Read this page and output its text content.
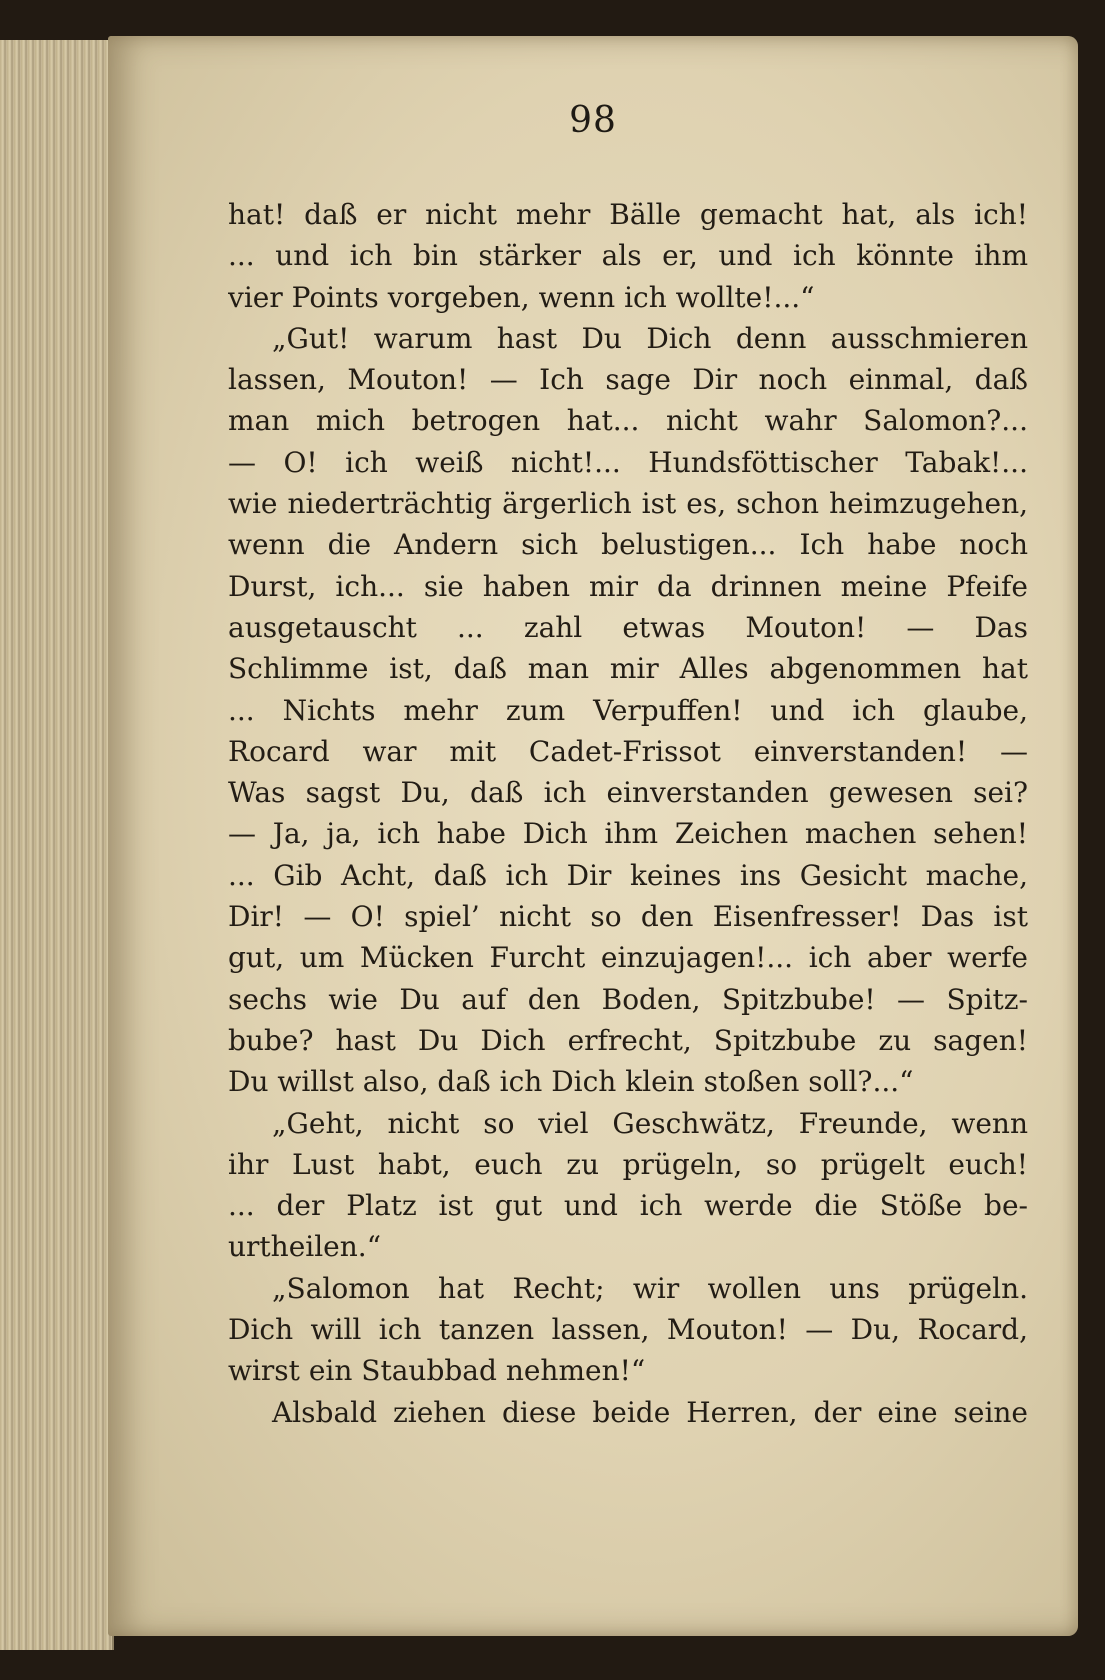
98
hat! daß er nicht mehr Bälle gemacht hat, als ich!
... und ich bin stärker als er, und ich könnte ihm
vier Points vorgeben, wenn ich wollte!...“
„Gut! warum hast Du Dich denn ausschmieren
lassen, Mouton! — Ich sage Dir noch einmal, daß
man mich betrogen hat... nicht wahr Salomon?...
— O! ich weiß nicht!... Hundsföttischer Tabak!...
wie niederträchtig ärgerlich ist es, schon heimzugehen,
wenn die Andern sich belustigen... Ich habe noch
Durst, ich... sie haben mir da drinnen meine Pfeife
ausgetauscht ... zahl etwas Mouton! — Das
Schlimme ist, daß man mir Alles abgenommen hat
... Nichts mehr zum Verpuffen! und ich glaube,
Rocard war mit Cadet-Frissot einverstanden! —
Was sagst Du, daß ich einverstanden gewesen sei?
— Ja, ja, ich habe Dich ihm Zeichen machen sehen!
... Gib Acht, daß ich Dir keines ins Gesicht mache,
Dir! — O! spiel’ nicht so den Eisenfresser! Das ist
gut, um Mücken Furcht einzujagen!... ich aber werfe
sechs wie Du auf den Boden, Spitzbube! — Spitz-
bube? hast Du Dich erfrecht, Spitzbube zu sagen!
Du willst also, daß ich Dich klein stoßen soll?...“
„Geht, nicht so viel Geschwätz, Freunde, wenn
ihr Lust habt, euch zu prügeln, so prügelt euch!
... der Platz ist gut und ich werde die Stöße be-
urtheilen.“
„Salomon hat Recht; wir wollen uns prügeln.
Dich will ich tanzen lassen, Mouton! — Du, Rocard,
wirst ein Staubbad nehmen!“
Alsbald ziehen diese beide Herren, der eine seine
